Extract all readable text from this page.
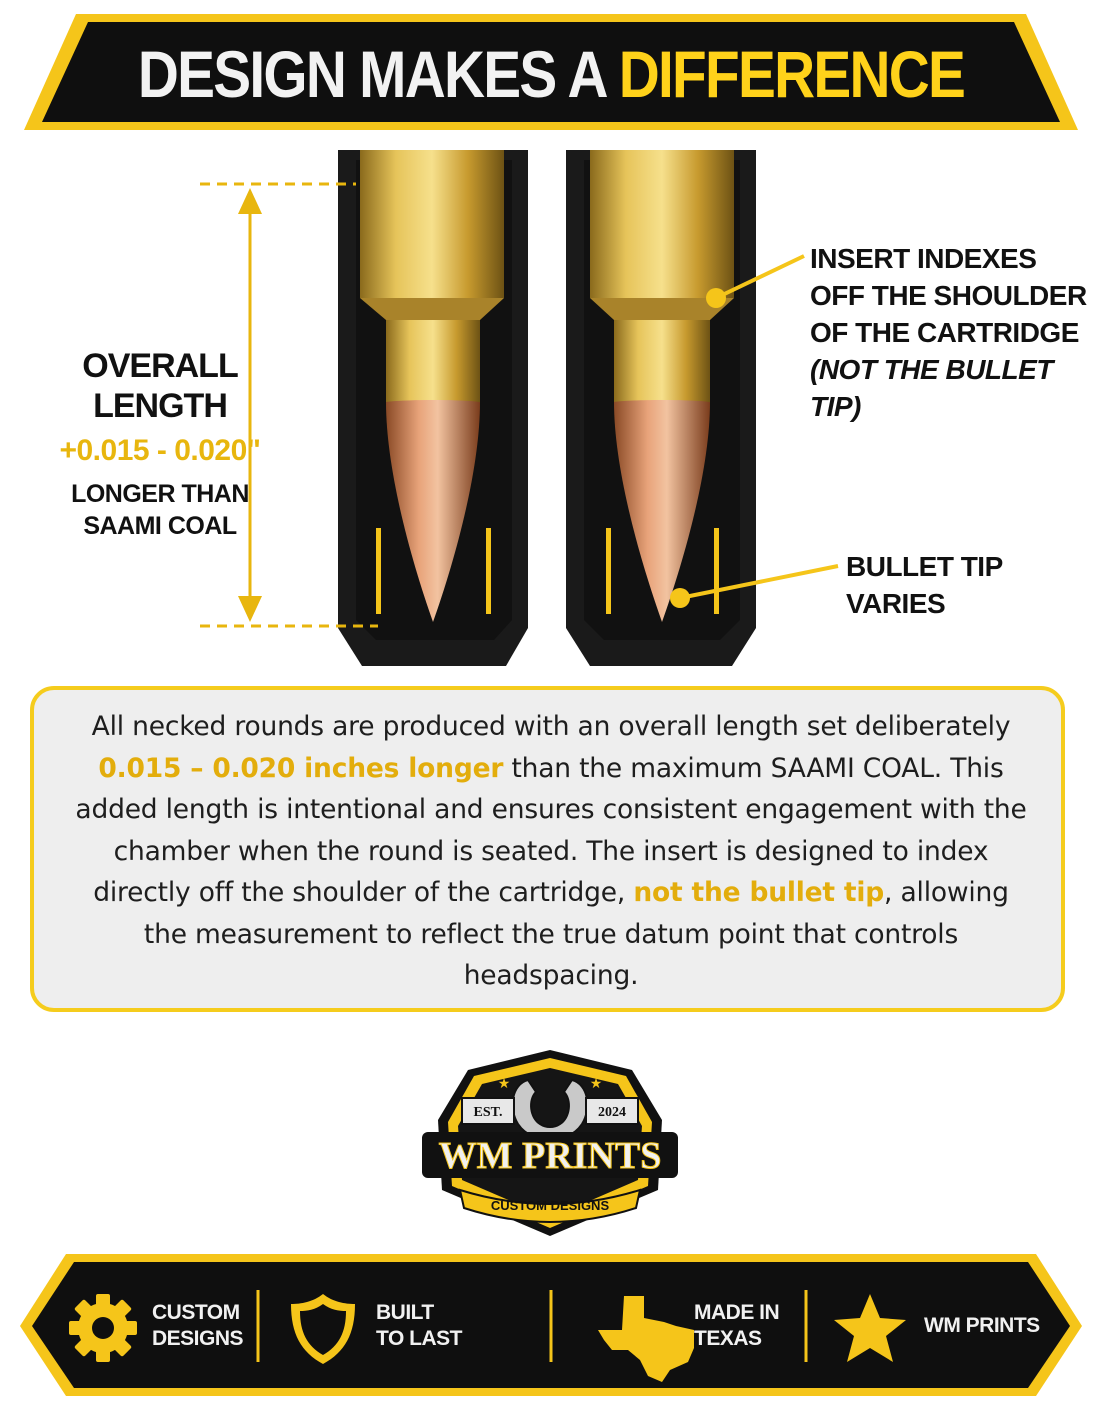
DESIGN MAKES A DIFFERENCE
OVERALL LENGTH
+0.015 - 0.020"
LONGER THAN
SAAMI COAL
INSERT INDEXES
OFF THE SHOULDER
OF THE CARTRIDGE
(NOT THE BULLET TIP)
BULLET TIP
VARIES
All necked rounds are produced with an overall length set deliberately 0.015 – 0.020 inches longer than the maximum SAAMI COAL. This added length is intentional and ensures consistent engagement with the chamber when the round is seated. The insert is designed to index directly off the shoulder of the cartridge, not the bullet tip, allowing the measurement to reflect the true datum point that controls headspacing.
★	★
EST.	2024
WM PRINTS
CUSTOM DESIGNS
CUSTOM
DESIGNS
BUILT
TO LAST
MADE IN
TEXAS
WM PRINTS
